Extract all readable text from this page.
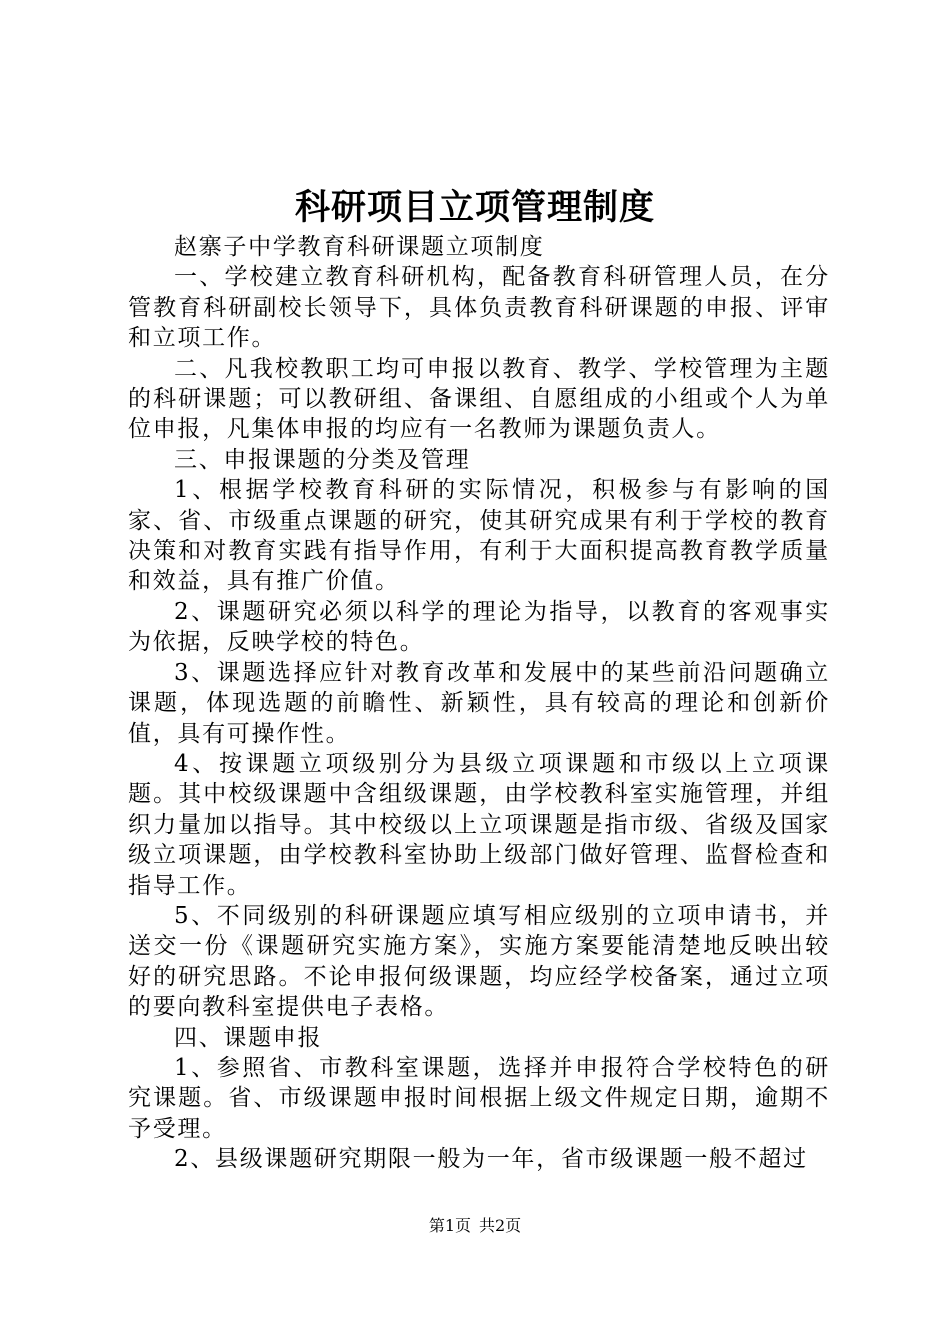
科研项目立项管理制度

赵寨子中学教育科研课题立项制度

一、学校建立教育科研机构，配备教育科研管理人员，在分管教育科研副校长领导下，具体负责教育科研课题的申报、评审和立项工作。

二、凡我校教职工均可申报以教育、教学、学校管理为主题的科研课题；可以教研组、备课组、自愿组成的小组或个人为单位申报，凡集体申报的均应有一名教师为课题负责人。

三、申报课题的分类及管理

1、根据学校教育科研的实际情况，积极参与有影响的国家、省、市级重点课题的研究，使其研究成果有利于学校的教育决策和对教育实践有指导作用，有利于大面积提高教育教学质量和效益，具有推广价值。

2、课题研究必须以科学的理论为指导，以教育的客观事实为依据，反映学校的特色。

3、课题选择应针对教育改革和发展中的某些前沿问题确立课题，体现选题的前瞻性、新颖性，具有较高的理论和创新价值，具有可操作性。

4、按课题立项级别分为县级立项课题和市级以上立项课题。其中校级课题中含组级课题，由学校教科室实施管理，并组织力量加以指导。其中校级以上立项课题是指市级、省级及国家级立项课题，由学校教科室协助上级部门做好管理、监督检查和指导工作。

5、不同级别的科研课题应填写相应级别的立项申请书，并送交一份《课题研究实施方案》，实施方案要能清楚地反映出较好的研究思路。不论申报何级课题，均应经学校备案，通过立项的要向教科室提供电子表格。

四、课题申报

1、参照省、市教科室课题，选择并申报符合学校特色的研究课题。省、市级课题申报时间根据上级文件规定日期，逾期不予受理。

2、县级课题研究期限一般为一年，省市级课题一般不超过

第1页 共2页
